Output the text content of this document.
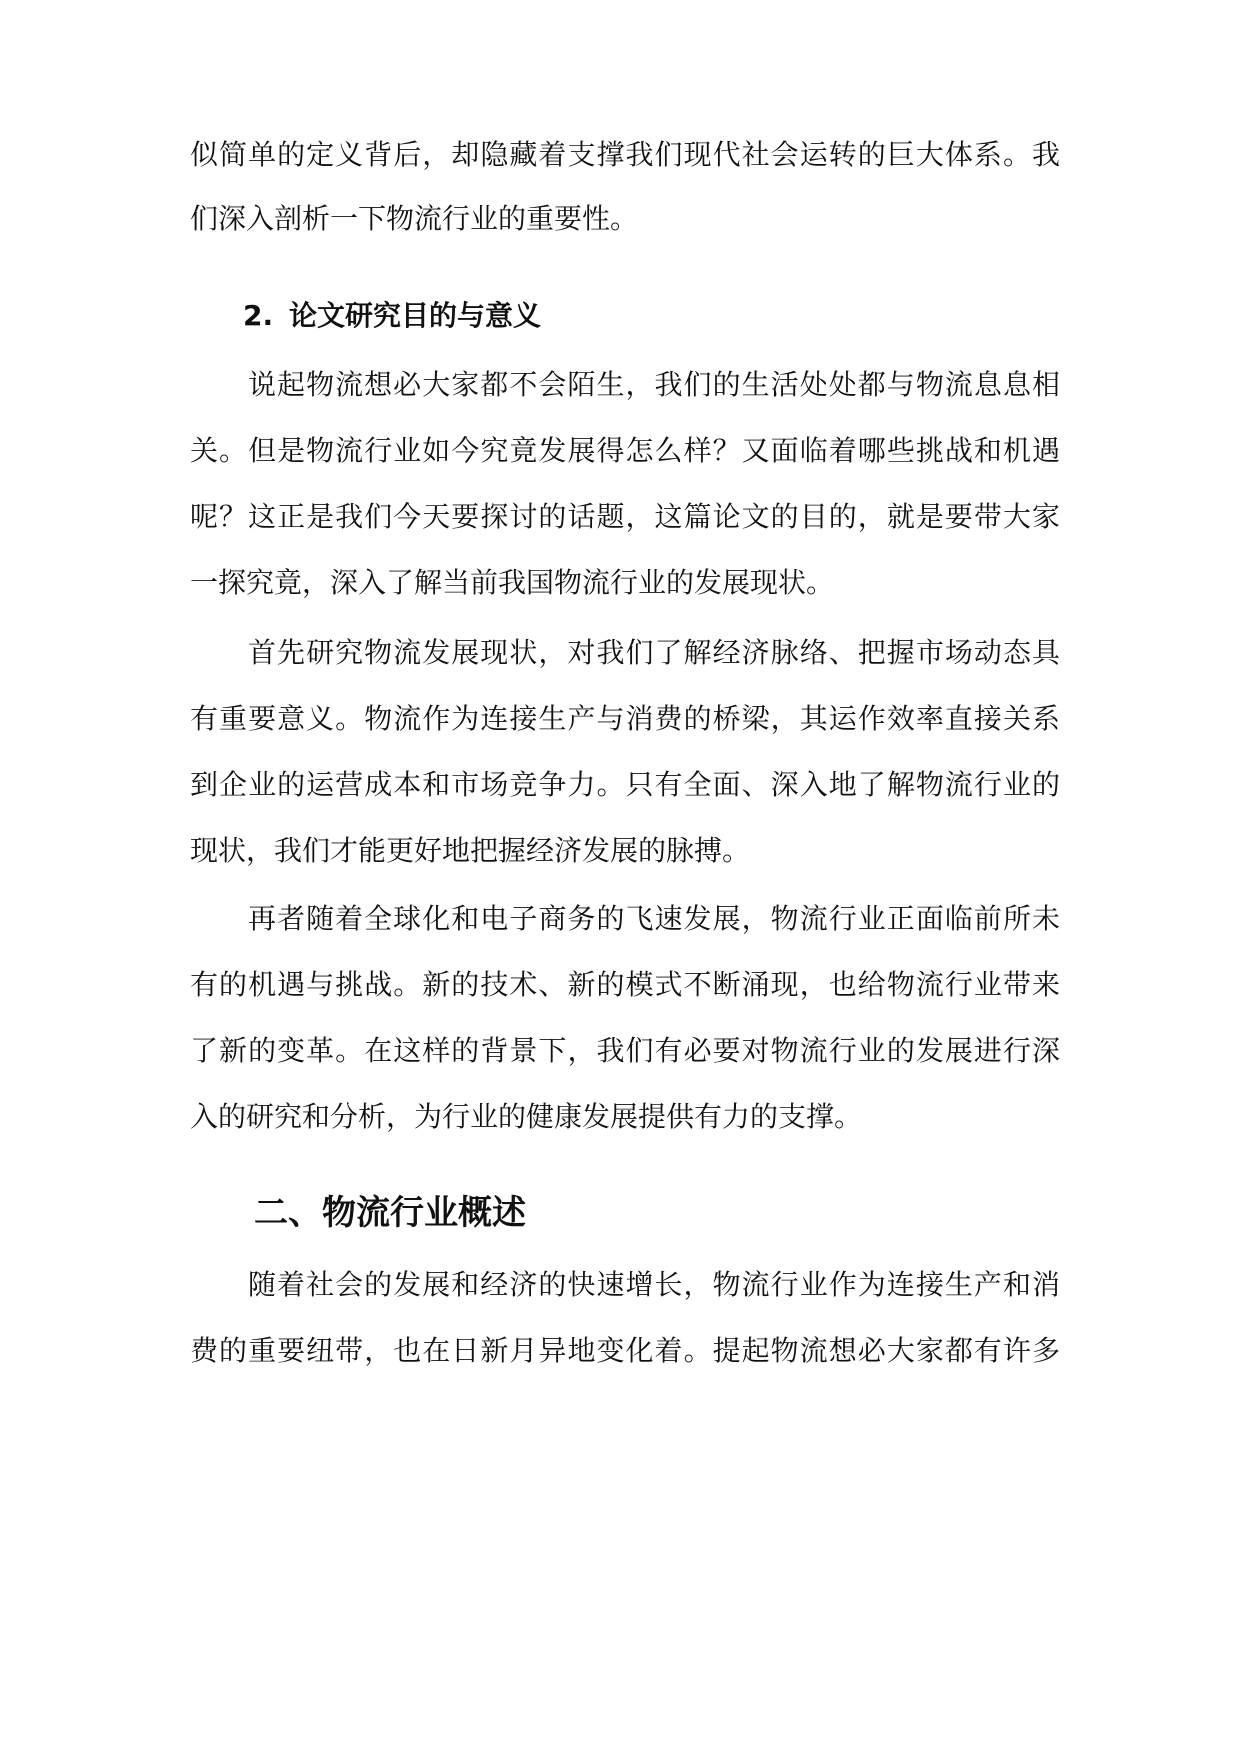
似简单的定义背后，却隐藏着支撑我们现代社会运转的巨大体系。我
们深入剖析一下物流行业的重要性。
2. 论文研究目的与意义
说起物流想必大家都不会陌生，我们的生活处处都与物流息息相
关。但是物流行业如今究竟发展得怎么样？又面临着哪些挑战和机遇
呢？这正是我们今天要探讨的话题，这篇论文的目的，就是要带大家
一探究竟，深入了解当前我国物流行业的发展现状。
首先研究物流发展现状，对我们了解经济脉络、把握市场动态具
有重要意义。物流作为连接生产与消费的桥梁，其运作效率直接关系
到企业的运营成本和市场竞争力。只有全面、深入地了解物流行业的
现状，我们才能更好地把握经济发展的脉搏。
再者随着全球化和电子商务的飞速发展，物流行业正面临前所未
有的机遇与挑战。新的技术、新的模式不断涌现，也给物流行业带来
了新的变革。在这样的背景下，我们有必要对物流行业的发展进行深
入的研究和分析，为行业的健康发展提供有力的支撑。
二、物流行业概述
随着社会的发展和经济的快速增长，物流行业作为连接生产和消
费的重要纽带，也在日新月异地变化着。提起物流想必大家都有许多
